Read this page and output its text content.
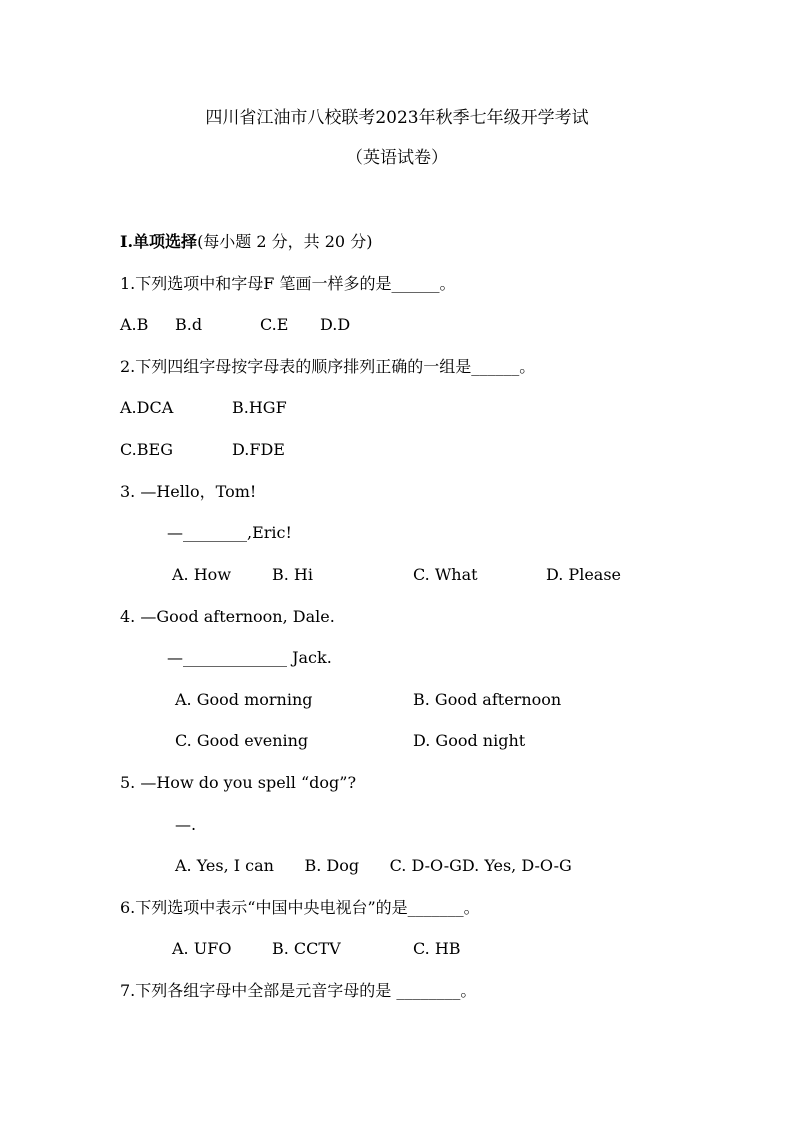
四川省江油市八校联考2023年秋季七年级开学考试
（英语试卷）
Ⅰ.单项选择(每小题 2 分，共 20 分)
1.下列选项中和字母F 笔画一样多的是______。
A.B B.d	C.E D.D
2.下列四组字母按字母表的顺序排列正确的一组是______。
A.DCA	B.HGF
C.BEG	D.FDE
3. —Hello，Tom!
—________,Eric!
A. How	B. Hi	C. What	D. Please
4. —Good afternoon, Dale.
—_____________ Jack.
A. Good morning	B. Good afternoon
C. Good evening	D. Good night
5. —How do you spell “dog”?
—.
A. Yes, I can      B. Dog      C. D-O-GD. Yes, D-O-G
6.下列选项中表示“中国中央电视台”的是_______。
A. UFO	B. CCTV	C. HB
7.下列各组字母中全部是元音字母的是 ________。
